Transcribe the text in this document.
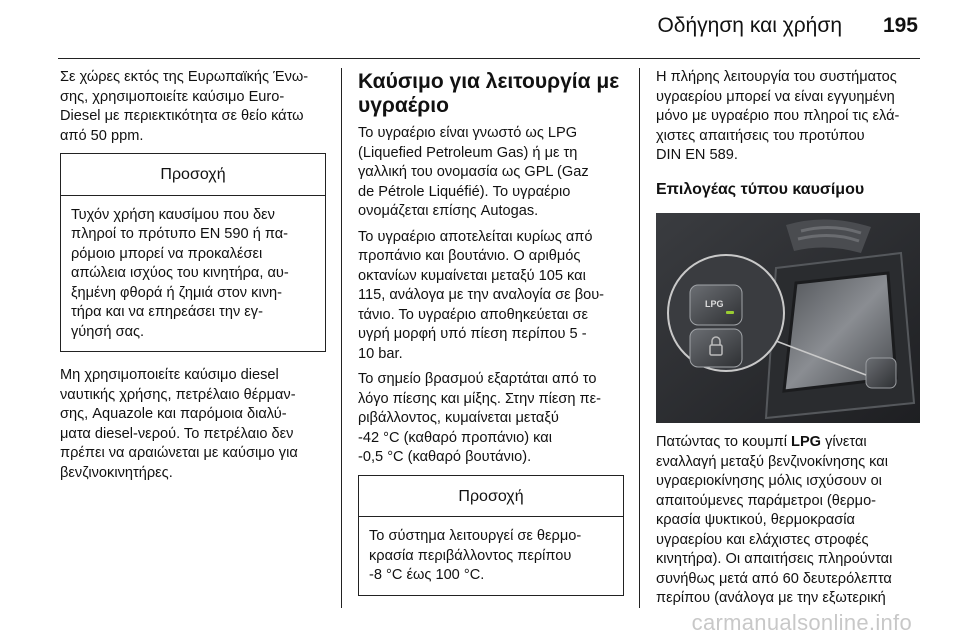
Οδήγηση και χρήση 195

Σε χώρες εκτός της Ευρωπαϊκής Ένω-
σης, χρησιμοποιείτε καύσιμο Euro-
Diesel με περιεκτικότητα σε θείο κάτω
από 50 ppm.

Προσοχή
Τυχόν χρήση καυσίμου που δεν
πληροί το πρότυπο EN 590 ή πα-
ρόμοιο μπορεί να προκαλέσει
απώλεια ισχύος του κινητήρα, αυ-
ξημένη φθορά ή ζημιά στον κινη-
τήρα και να επηρεάσει την εγ-
γύησή σας.

Μη χρησιμοποιείτε καύσιμο diesel
ναυτικής χρήσης, πετρέλαιο θέρμαν-
σης, Aquazole και παρόμοια διαλύ-
ματα diesel-νερού. Το πετρέλαιο δεν
πρέπει να αραιώνεται με καύσιμο για
βενζινοκινητήρες.

Καύσιμο για λειτουργία με
υγραέριο

Το υγραέριο είναι γνωστό ως LPG
(Liquefied Petroleum Gas) ή με τη
γαλλική του ονομασία ως GPL (Gaz
de Pétrole Liquéfié). Το υγραέριο
ονομάζεται επίσης Autogas.

Το υγραέριο αποτελείται κυρίως από
προπάνιο και βουτάνιο. Ο αριθμός
οκτανίων κυμαίνεται μεταξύ 105 και
115, ανάλογα με την αναλογία σε βου-
τάνιο. Το υγραέριο αποθηκεύεται σε
υγρή μορφή υπό πίεση περίπου 5 -
10 bar.

Το σημείο βρασμού εξαρτάται από το
λόγο πίεσης και μίξης. Στην πίεση πε-
ριβάλλοντος, κυμαίνεται μεταξύ
-42 °C (καθαρό προπάνιο) και
-0,5 °C (καθαρό βουτάνιο).

Προσοχή
Το σύστημα λειτουργεί σε θερμο-
κρασία περιβάλλοντος περίπου
-8 °C έως 100 °C.

Η πλήρης λειτουργία του συστήματος
υγραερίου μπορεί να είναι εγγυημένη
μόνο με υγραέριο που πληροί τις ελά-
χιστες απαιτήσεις του προτύπου
DIN EN 589.

Επιλογέας τύπου καυσίμου
LPG

Πατώντας το κουμπί LPG γίνεται
εναλλαγή μεταξύ βενζινοκίνησης και
υγραεριοκίνησης μόλις ισχύσουν οι
απαιτούμενες παράμετροι (θερμο-
κρασία ψυκτικού, θερμοκρασία
υγραερίου και ελάχιστες στροφές
κινητήρα). Οι απαιτήσεις πληρούνται
συνήθως μετά από 60 δευτερόλεπτα
περίπου (ανάλογα με την εξωτερική

carmanualsonline.info
